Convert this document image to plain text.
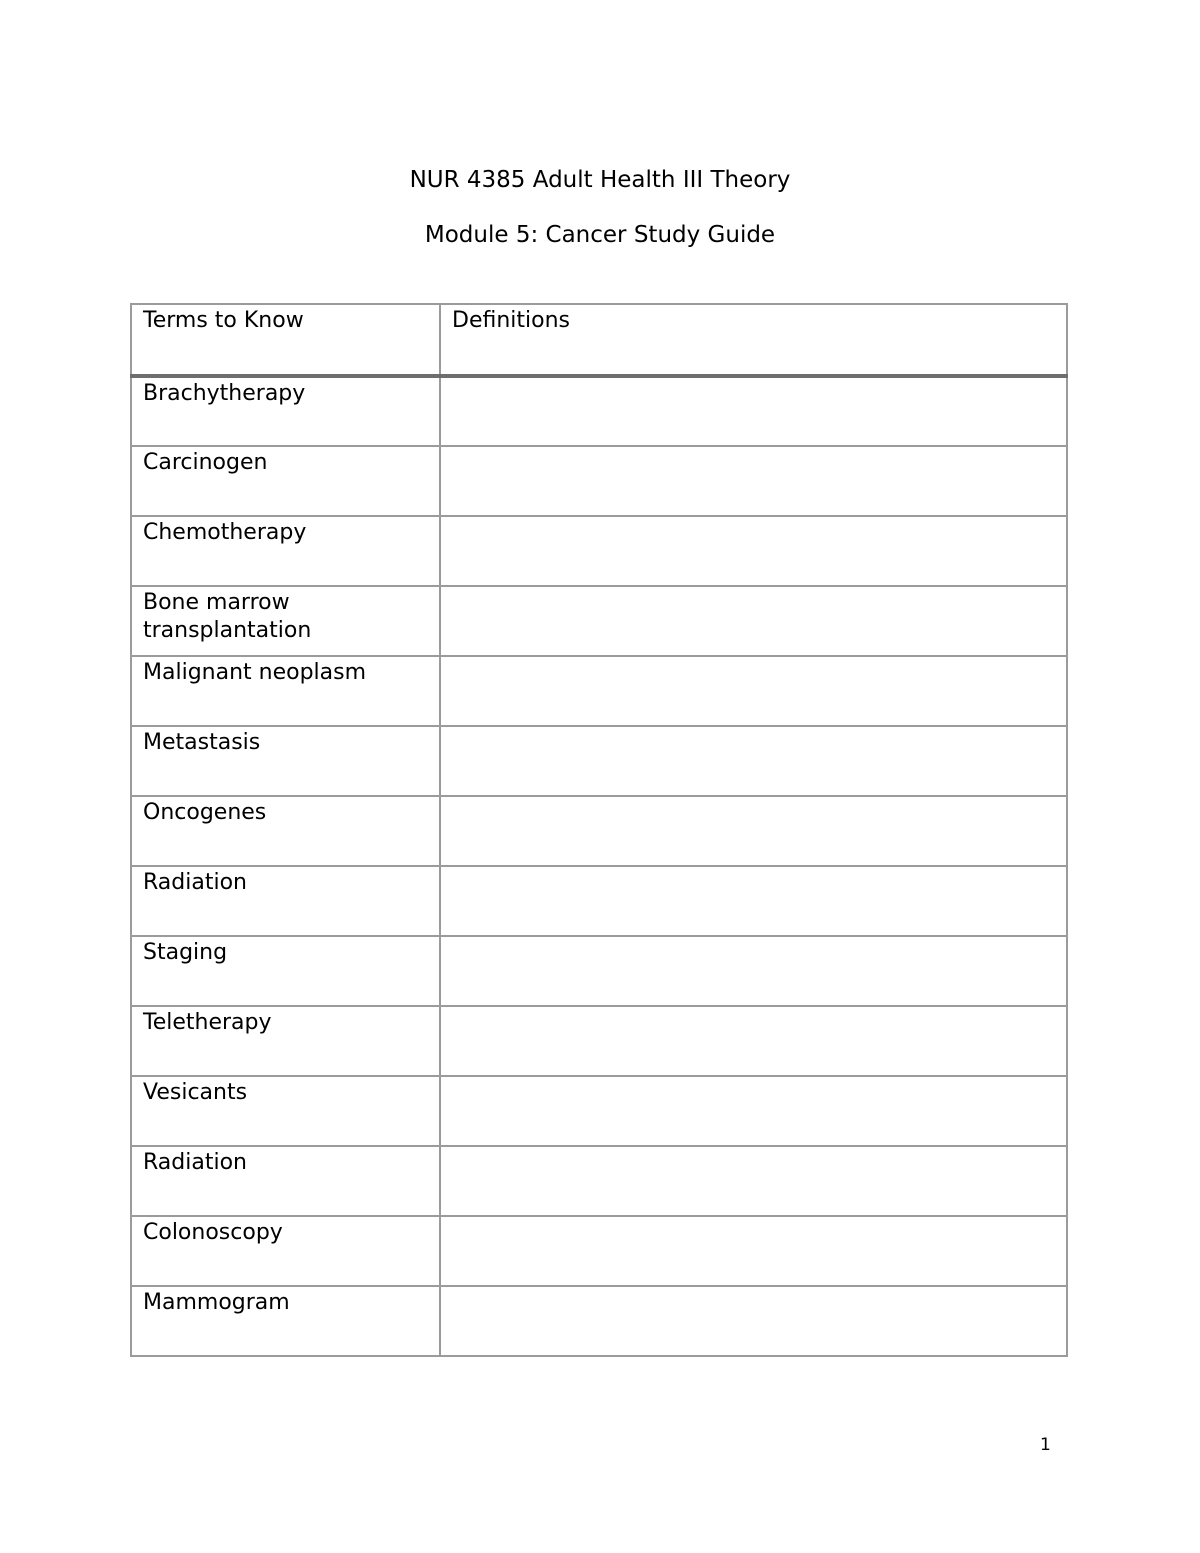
NUR 4385 Adult Health III Theory
Module 5: Cancer Study Guide
Terms to Know	Definitions
Brachytherapy	
Carcinogen	
Chemotherapy	
Bone marrow transplantation	
Malignant neoplasm	
Metastasis	
Oncogenes	
Radiation	
Staging	
Teletherapy	
Vesicants	
Radiation	
Colonoscopy	
Mammogram	
1
